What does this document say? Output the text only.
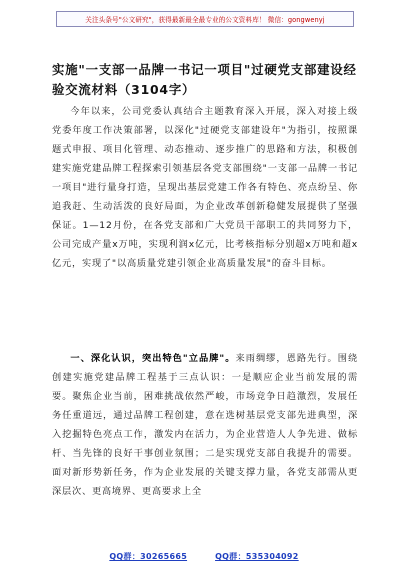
关注头条号"公文研究"，获得最新最全最专业的公文资料库！ 微信：gongwenyj
实施"一支部一品牌一书记一项目"过硬党支部建设经验交流材料（3104字）

今年以来，公司党委认真结合主题教育深入开展，深入对接上级党委年度工作决策部署，以深化"过硬党支部建设年"为指引，按照课题式申报、项目化管理、动态推动、逐步推广的思路和方法，积极创建实施党建品牌工程探索引领基层各党支部围绕"一支部一品牌一书记一项目"进行量身打造，呈现出基层党建工作各有特色、亮点纷呈、你追我赶、生动活泼的良好局面，为企业改革创新稳健发展提供了坚强保证。1—12月份，在各党支部和广大党员干部职工的共同努力下，公司完成产量x万吨，实现利润x亿元，比考核指标分别超x万吨和超x亿元，实现了"以高质量党建引领企业高质量发展"的奋斗目标。

一、深化认识，突出特色"立品牌"。来雨绸缪，恩路先行。围绕创建实施党建品牌工程基于三点认识：一是顺应企业当前发展的需要。聚焦企业当前，困难挑战依然严峻，市场竞争日趋激烈，发展任务任重道远，通过品牌工程创建，意在选树基层党支部先进典型，深入挖掘特色亮点工作，激发内在活力，为企业营造人人争先进、做标杆、当先锋的良好干事创业氛围；二是实现党支部自我提升的需要。面对新形势新任务，作为企业发展的关键支撑力量，各党支部需从更深层次、更高境界、更高要求上全

QQ群：30265665	QQ群：535304092
